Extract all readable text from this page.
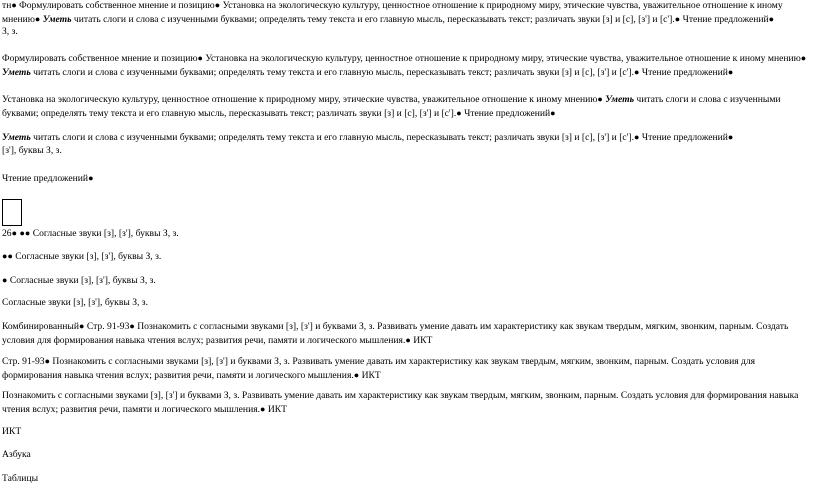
тн● Формулировать собственное мнение и позицию● Установка на экологическую культуру, ценностное отношение к природному миру, этические чувства, уважительное отношение к иному мнению● Уметь читать слоги и слова с изученными буквами; определять тему текста и его главную мысль, пересказывать текст; различать звуки [з] и [с], [з'] и [с'].● Чтение предложений●
З, з.
Формулировать собственное мнение и позицию● Установка на экологическую культуру, ценностное отношение к природному миру, этические чувства, уважительное отношение к иному мнению● Уметь читать слоги и слова с изученными буквами; определять тему текста и его главную мысль, пересказывать текст; различать звуки [з] и [с], [з'] и [с'].● Чтение предложений●
Установка на экологическую культуру, ценностное отношение к природному миру, этические чувства, уважительное отношение к иному мнению● Уметь читать слоги и слова с изученными буквами; определять тему текста и его главную мысль, пересказывать текст; различать звуки [з] и [с], [з'] и [с'].● Чтение предложений●
Уметь читать слоги и слова с изученными буквами; определять тему текста и его главную мысль, пересказывать текст; различать звуки [з] и [с], [з'] и [с'].● Чтение предложений●
[з'], буквы З, з.
Чтение предложений●
26● ●● Согласные звуки [з], [з'], буквы З, з.
●● Согласные звуки [з], [з'], буквы З, з.
● Согласные звуки [з], [з'], буквы З, з.
Согласные звуки [з], [з'], буквы З, з.
Комбинированный● Стр. 91-93● Познакомить с согласными звуками [з], [з'] и буквами З, з. Развивать умение давать им характеристику как звукам твердым, мягким, звонким, парным. Создать условия для формирования навыка чтения вслух; развития речи, памяти и логического мышления.● ИКТ
Стр. 91-93● Познакомить с согласными звуками [з], [з'] и буквами З, з. Развивать умение давать им характеристику как звукам твердым, мягким, звонким, парным. Создать условия для формирования навыка чтения вслух; развития речи, памяти и логического мышления.● ИКТ
Познакомить с согласными звуками [з], [з'] и буквами З, з. Развивать умение давать им характеристику как звукам твердым, мягким, звонким, парным. Создать условия для формирования навыка чтения вслух; развития речи, памяти и логического мышления.● ИКТ
ИКТ
Азбука
Таблицы
